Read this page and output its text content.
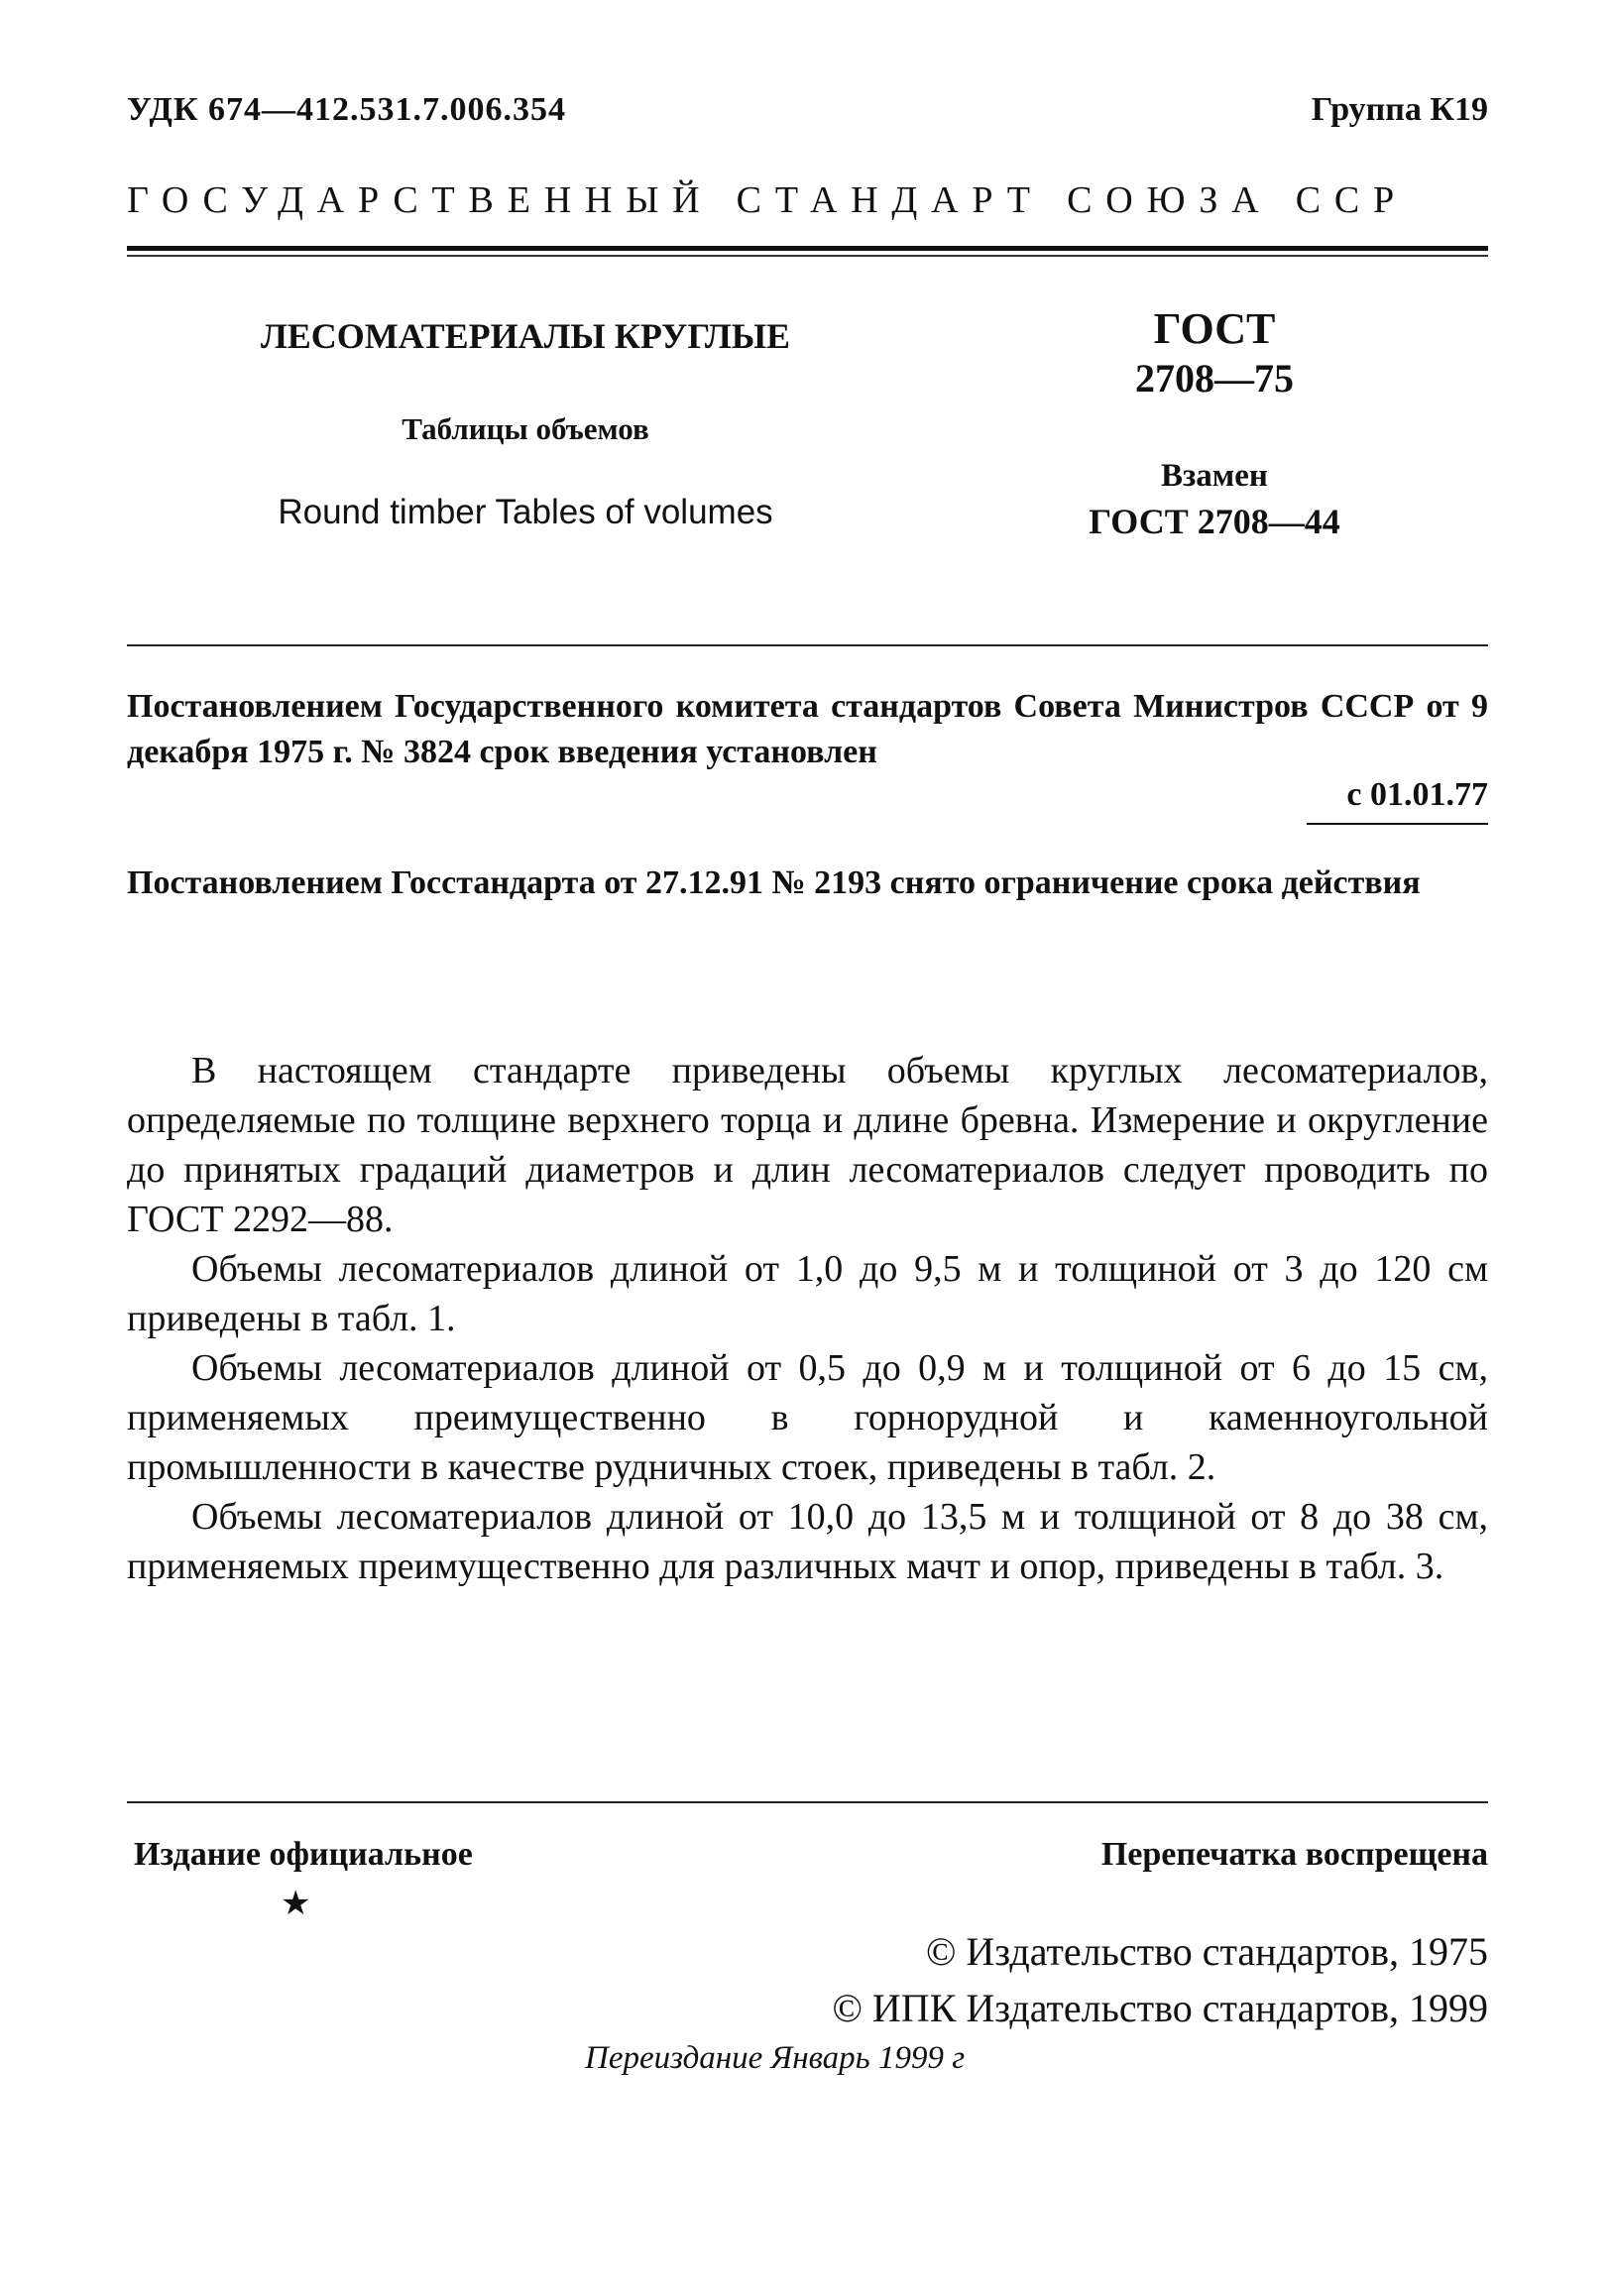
УДК 674—412.531.7.006.354	Группа К19
ГОСУДАРСТВЕННЫЙ СТАНДАРТ СОЮЗА ССР
ЛЕСОМАТЕРИАЛЫ КРУГЛЫЕ
Таблицы объемов
Round timber Tables of volumes
ГОСТ
2708—75
Взамен
ГОСТ 2708—44
Постановлением Государственного комитета стандартов Совета Министров СССР от 9 декабря 1975 г. № 3824 срок введения установлен
с 01.01.77
Постановлением Госстандарта от 27.12.91 № 2193 снято ограничение срока действия

В настоящем стандарте приведены объемы круглых лесоматериалов, определяемые по толщине верхнего торца и длине бревна. Измерение и округление до принятых градаций диаметров и длин лесоматериалов следует проводить по ГОСТ 2292—88.

Объемы лесоматериалов длиной от 1,0 до 9,5 м и толщиной от 3 до 120 см приведены в табл. 1.

Объемы лесоматериалов длиной от 0,5 до 0,9 м и толщиной от 6 до 15 см, применяемых преимущественно в горнорудной и каменноугольной промышленности в качестве рудничных стоек, приведены в табл. 2.

Объемы лесоматериалов длиной от 10,0 до 13,5 м и толщиной от 8 до 38 см, применяемых преимущественно для различных мачт и опор, приведены в табл. 3.

Издание официальное
★
Перепечатка воспрещена
© Издательство стандартов, 1975
© ИПК Издательство стандартов, 1999
Переиздание Январь 1999 г
